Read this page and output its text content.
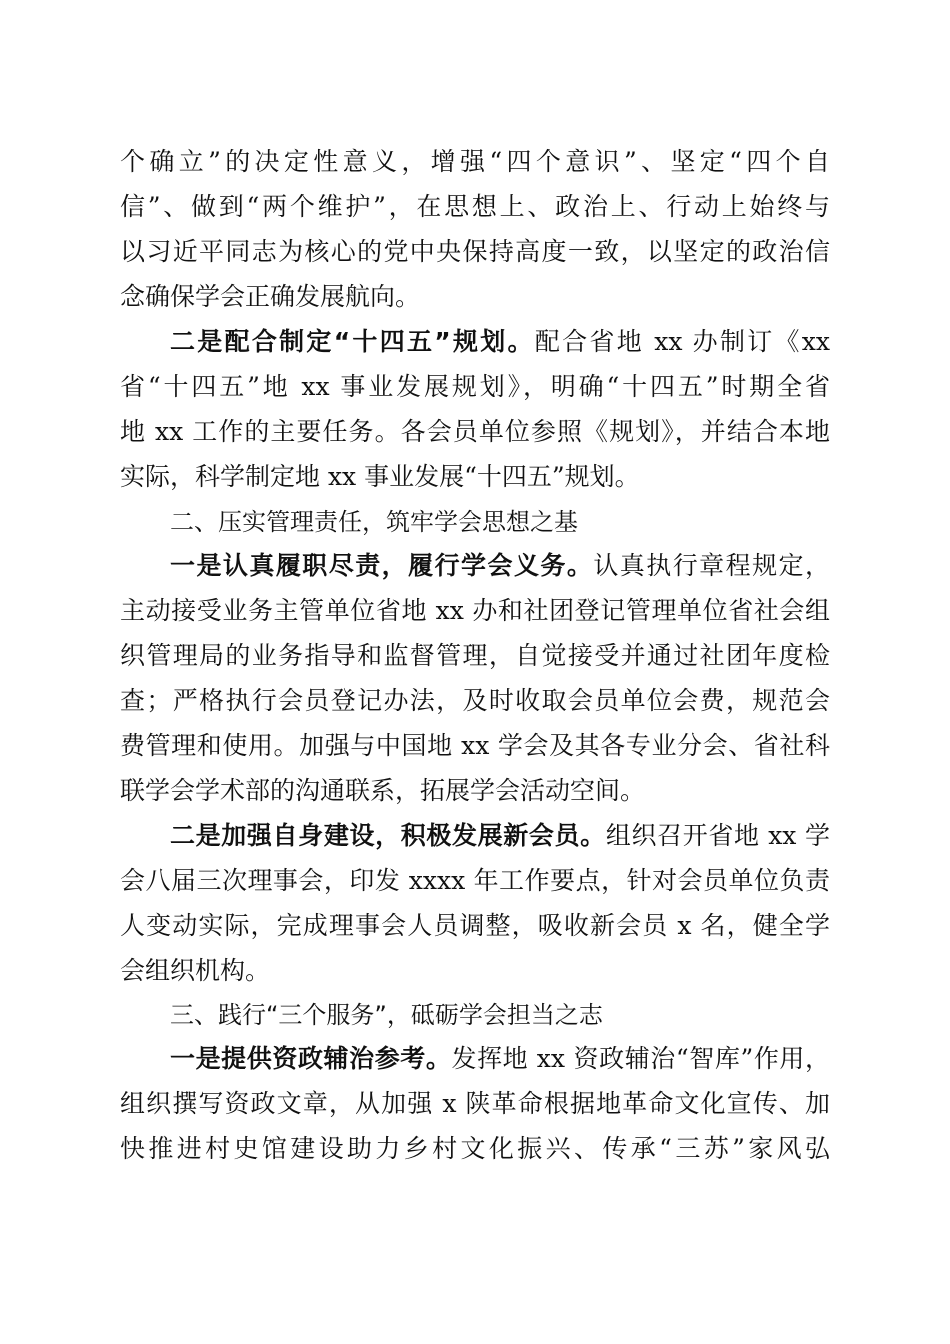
个确立”的决定性意义，增强“四个意识”、坚定“四个自
信”、做到“两个维护”，在思想上、政治上、行动上始终与
以习近平同志为核心的党中央保持高度一致，以坚定的政治信
念确保学会正确发展航向。
二是配合制定“十四五”规划。配合省地 xx 办制订《xx
省“十四五”地 xx 事业发展规划》，明确“十四五”时期全省
地 xx 工作的主要任务。各会员单位参照《规划》，并结合本地
实际，科学制定地 xx 事业发展“十四五”规划。
二、压实管理责任，筑牢学会思想之基
一是认真履职尽责，履行学会义务。认真执行章程规定，
主动接受业务主管单位省地 xx 办和社团登记管理单位省社会组
织管理局的业务指导和监督管理，自觉接受并通过社团年度检
查；严格执行会员登记办法，及时收取会员单位会费，规范会
费管理和使用。加强与中国地 xx 学会及其各专业分会、省社科
联学会学术部的沟通联系，拓展学会活动空间。
二是加强自身建设，积极发展新会员。组织召开省地 xx 学
会八届三次理事会，印发 xxxx 年工作要点，针对会员单位负责
人变动实际，完成理事会人员调整，吸收新会员 x 名，健全学
会组织机构。
三、践行“三个服务”，砥砺学会担当之志
一是提供资政辅治参考。发挥地 xx 资政辅治“智库”作用，
组织撰写资政文章，从加强 x 陕革命根据地革命文化宣传、加
快推进村史馆建设助力乡村文化振兴、传承“三苏”家风弘
